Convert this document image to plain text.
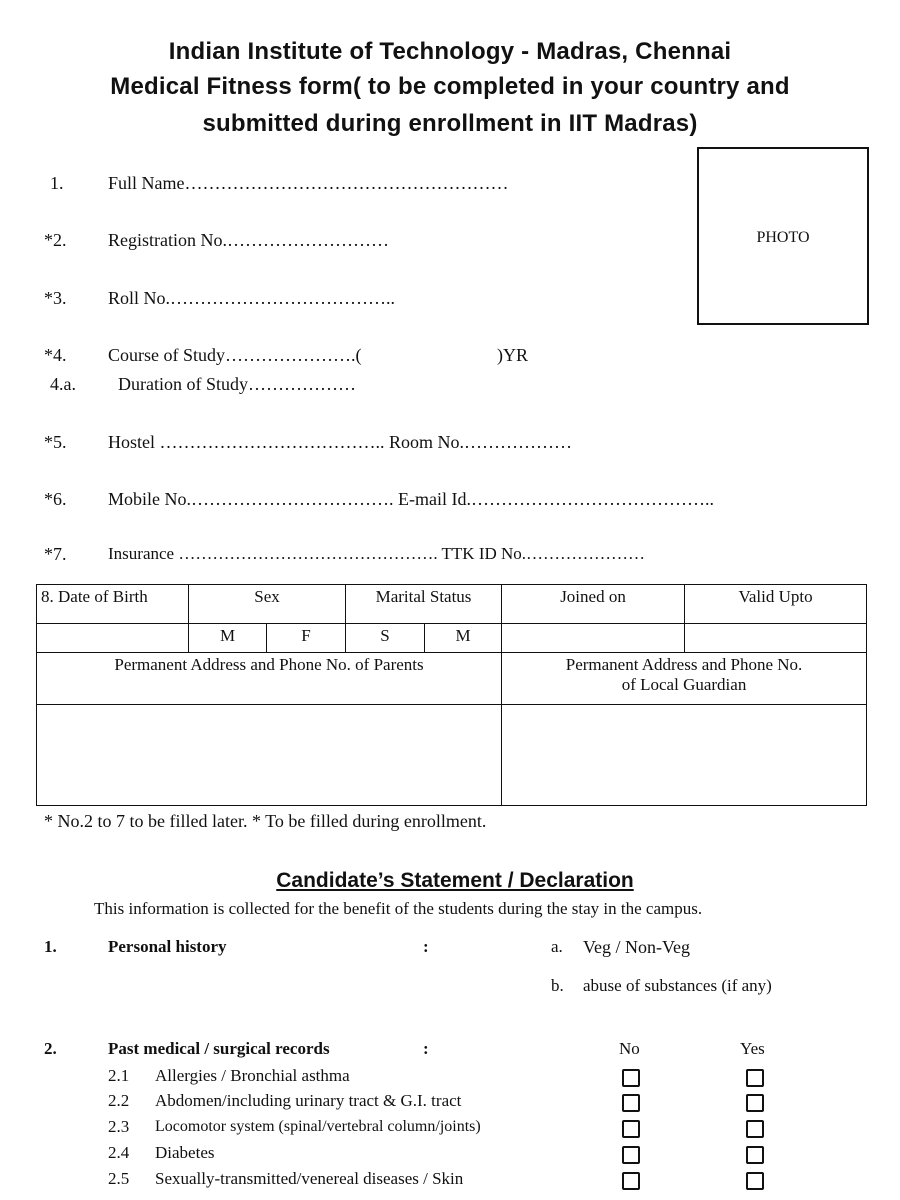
Indian Institute of Technology - Madras, Chennai
Medical Fitness form( to be completed in your country and
submitted during enrollment in IIT Madras)
PHOTO
1. Full Name………………………………………………
*2. Registration No.………………………
*3. Roll No.………………………………..
*4. Course of Study………………….(	)YR
4.a. Duration of Study………………
*5. Hostel ……………………………….. Room No.………………
*6. Mobile No.……………………………. E-mail Id.…………………………………..
*7. Insurance ………………………………………. TTK ID No.…………………
8. Date of Birth	Sex		Marital Status		Joined on	Valid Upto
	M	F	S	M		
Permanent Address and Phone No. of Parents					Permanent Address and Phone No.
of Local Guardian	

* No.2 to 7 to be filled later. * To be filled during enrollment.
Candidate’s Statement / Declaration
This information is collected for the benefit of the students during the stay in the campus.
1.	Personal history	:	a. Veg / Non-Veg
b. abuse of substances (if any)
2.	Past medical / surgical records	:	No	Yes
2.1 Allergies / Bronchial asthma
2.2 Abdomen/including urinary tract & G.I. tract
2.3 Locomotor system (spinal/vertebral column/joints)
2.4 Diabetes
2.5 Sexually-transmitted/venereal diseases / Skin
